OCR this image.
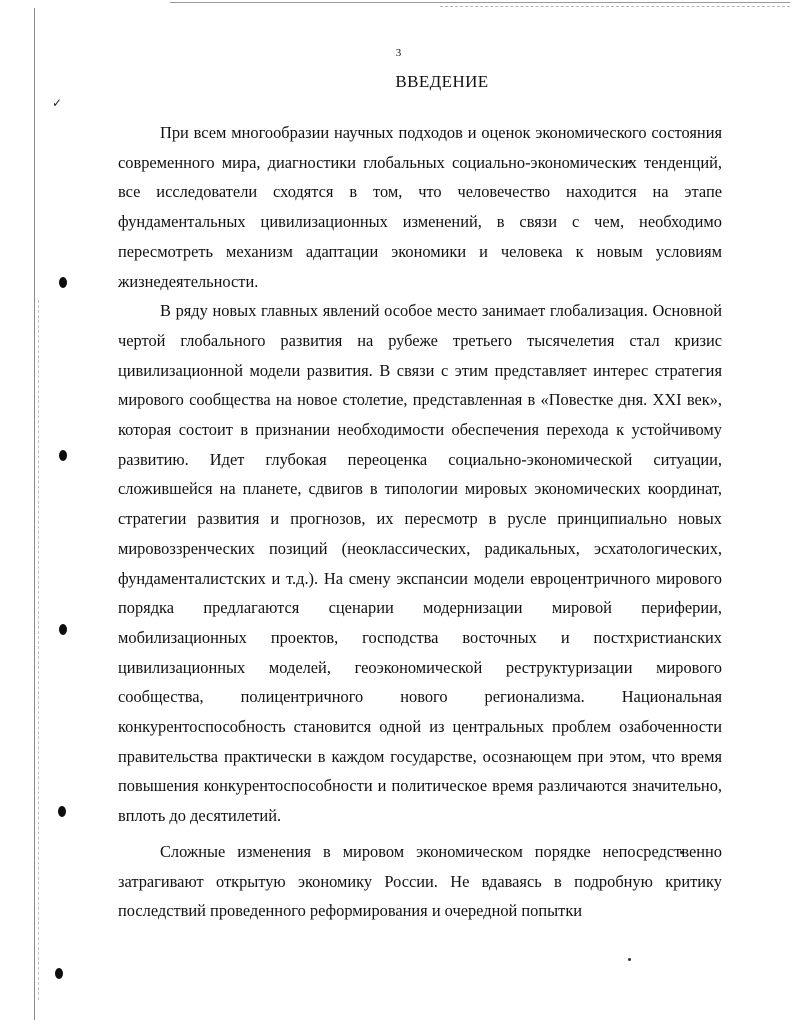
✓
3
ВВЕДЕНИЕ

При всем многообразии научных подходов и оценок экономического состояния современного мира, диагностики глобальных социально-экономических тенденций, все исследователи сходятся в том, что человечество находится на этапе фундаментальных цивилизационных изменений, в связи с чем, необходимо пересмотреть механизм адаптации экономики и человека к новым условиям жизнедеятельности.

В ряду новых главных явлений особое место занимает глобализация. Основной чертой глобального развития на рубеже третьего тысячелетия стал кризис цивилизационной модели развития. В связи с этим представляет интерес стратегия мирового сообщества на новое столетие, представленная в «Повестке дня. XXI век», которая состоит в признании необходимости обеспечения перехода к устойчивому развитию. Идет глубокая переоценка социально-экономической ситуации, сложившейся на планете, сдвигов в типологии мировых экономических координат, стратегии развития и прогнозов, их пересмотр в русле принципиально новых мировоззренческих позиций (неоклассических, радикальных, эсхатологических, фундаменталистских и т.д.). На смену экспансии модели евроцентричного мирового порядка предлагаются сценарии модернизации мировой периферии, мобилизационных проектов, господства восточных и постхристианских цивилизационных моделей, геоэкономической реструктуризации мирового сообщества, полицентричного нового регионализма. Национальная конкурентоспособность становится одной из центральных проблем озабоченности правительства практически в каждом государстве, осознающем при этом, что время повышения конкурентоспособности и политическое время различаются значительно, вплоть до десятилетий.

Сложные изменения в мировом экономическом порядке непосредственно затрагивают открытую экономику России. Не вдаваясь в подробную критику последствий проведенного реформирования и очередной попытки
